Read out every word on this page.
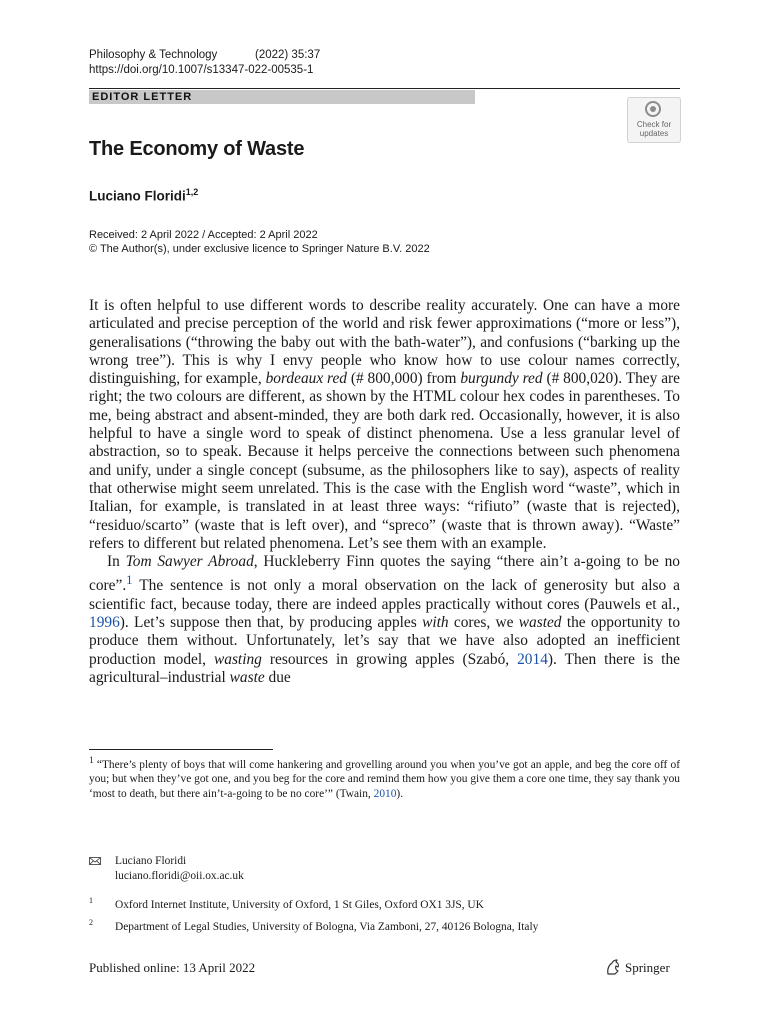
Philosophy & Technology	(2022) 35:37
https://doi.org/10.1007/s13347-022-00535-1
EDITOR LETTER
Check for
updates
The Economy of Waste
Luciano Floridi$^{1,2}$
Received: 2 April 2022 / Accepted: 2 April 2022
© The Author(s), under exclusive licence to Springer Nature B.V. 2022

It is often helpful to use different words to describe reality accurately. One can have a more articulated and precise perception of the world and risk fewer approximations (“more or less”), generalisations (“throwing the baby out with the bath-water”), and confusions (“barking up the wrong tree”). This is why I envy people who know how to use colour names correctly, distinguishing, for example, bordeaux red (# 800,000) from burgundy red (# 800,020). They are right; the two colours are different, as shown by the HTML colour hex codes in parentheses. To me, being abstract and absent-minded, they are both dark red. Occasionally, however, it is also helpful to have a single word to speak of distinct phenomena. Use a less granular level of abstraction, so to speak. Because it helps perceive the connections between such phenomena and unify, under a single concept (subsume, as the philosophers like to say), aspects of reality that otherwise might seem unrelated. This is the case with the English word “waste”, which in Italian, for example, is translated in at least three ways: “rifiuto” (waste that is rejected), “residuo/scarto” (waste that is left over), and “spreco” (waste that is thrown away). “Waste” refers to different but related phenomena. Let’s see them with an example.

In Tom Sawyer Abroad, Huckleberry Finn quotes the saying “there ain’t a-going to be no core”.$^1$ The sentence is not only a moral observation on the lack of generosity but also a scientific fact, because today, there are indeed apples practically without cores (Pauwels et al., 1996). Let’s suppose then that, by producing apples with cores, we wasted the opportunity to produce them without. Unfortunately, let’s say that we have also adopted an inefficient production model, wasting resources in growing apples (Szabó, 2014). Then there is the agricultural–industrial waste due

$^1$ “There’s plenty of boys that will come hankering and grovelling around you when you’ve got an apple, and beg the core off of you; but when they’ve got one, and you beg for the core and remind them how you give them a core one time, they say thank you ‘most to death, but there ain’t-a-going to be no core’” (Twain, 2010).
Luciano Floridi
luciano.floridi@oii.ox.ac.uk
1 Oxford Internet Institute, University of Oxford, 1 St Giles, Oxford OX1 3JS, UK
2 Department of Legal Studies, University of Bologna, Via Zamboni, 27, 40126 Bologna, Italy
Published online: 13 April 2022	Springer
